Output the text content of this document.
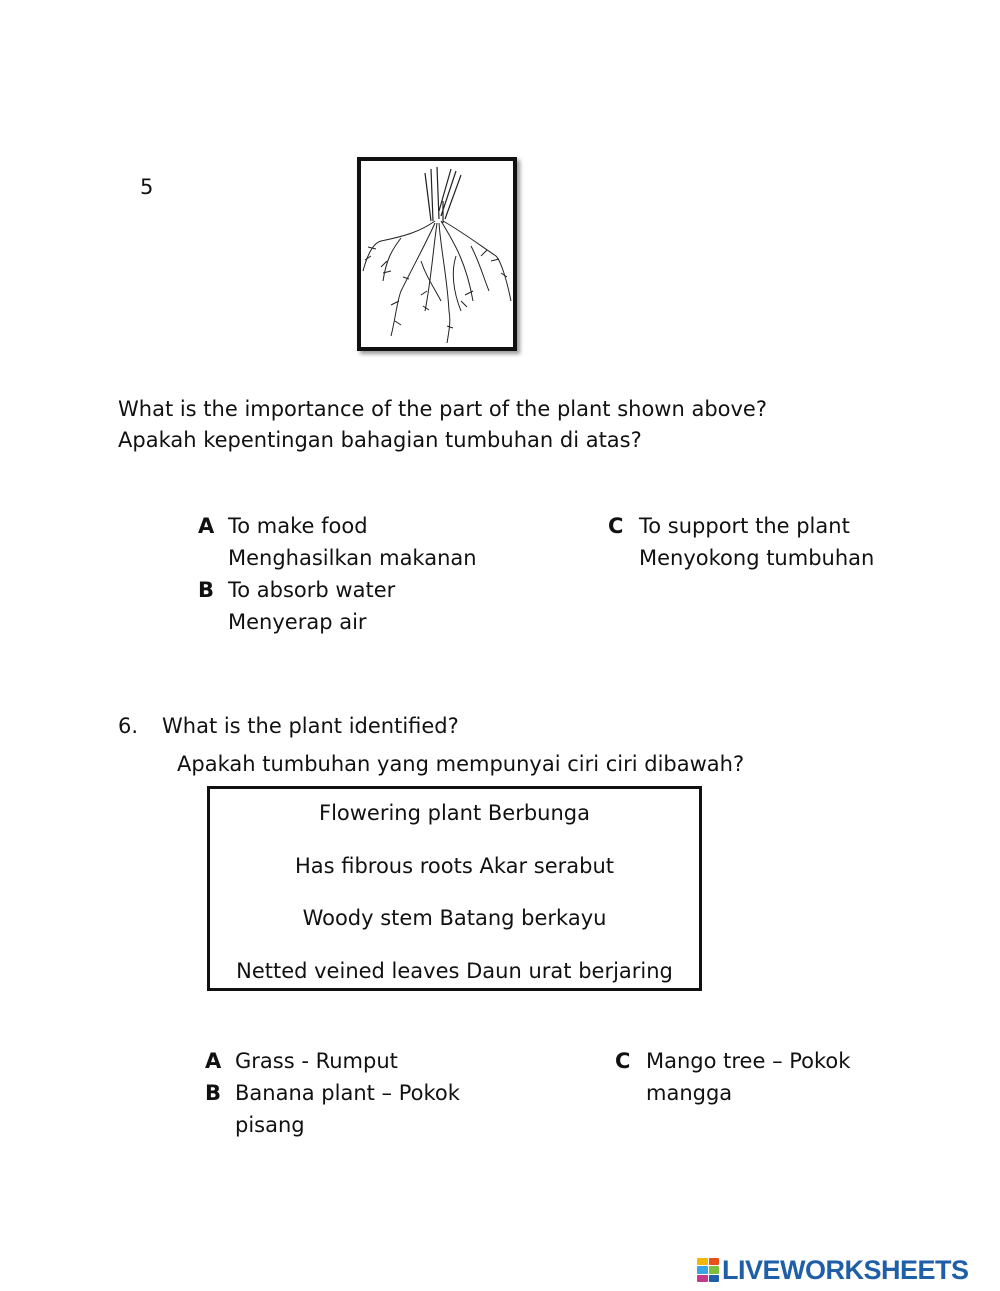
5
What is the importance of the part of the plant shown above?
Apakah kepentingan bahagian tumbuhan di atas?
A To make food
Menghasilkan makanan
B To absorb water
Menyerap air
C To support the plant
Menyokong tumbuhan
6. What is the plant identified?
Apakah tumbuhan yang mempunyai ciri ciri dibawah?
Flowering plant Berbunga
Has fibrous roots Akar serabut
Woody stem Batang berkayu
Netted veined leaves Daun urat berjaring
A Grass - Rumput
B Banana plant – Pokok
pisang
C Mango tree – Pokok
mangga
LIVEWORKSHEETS
